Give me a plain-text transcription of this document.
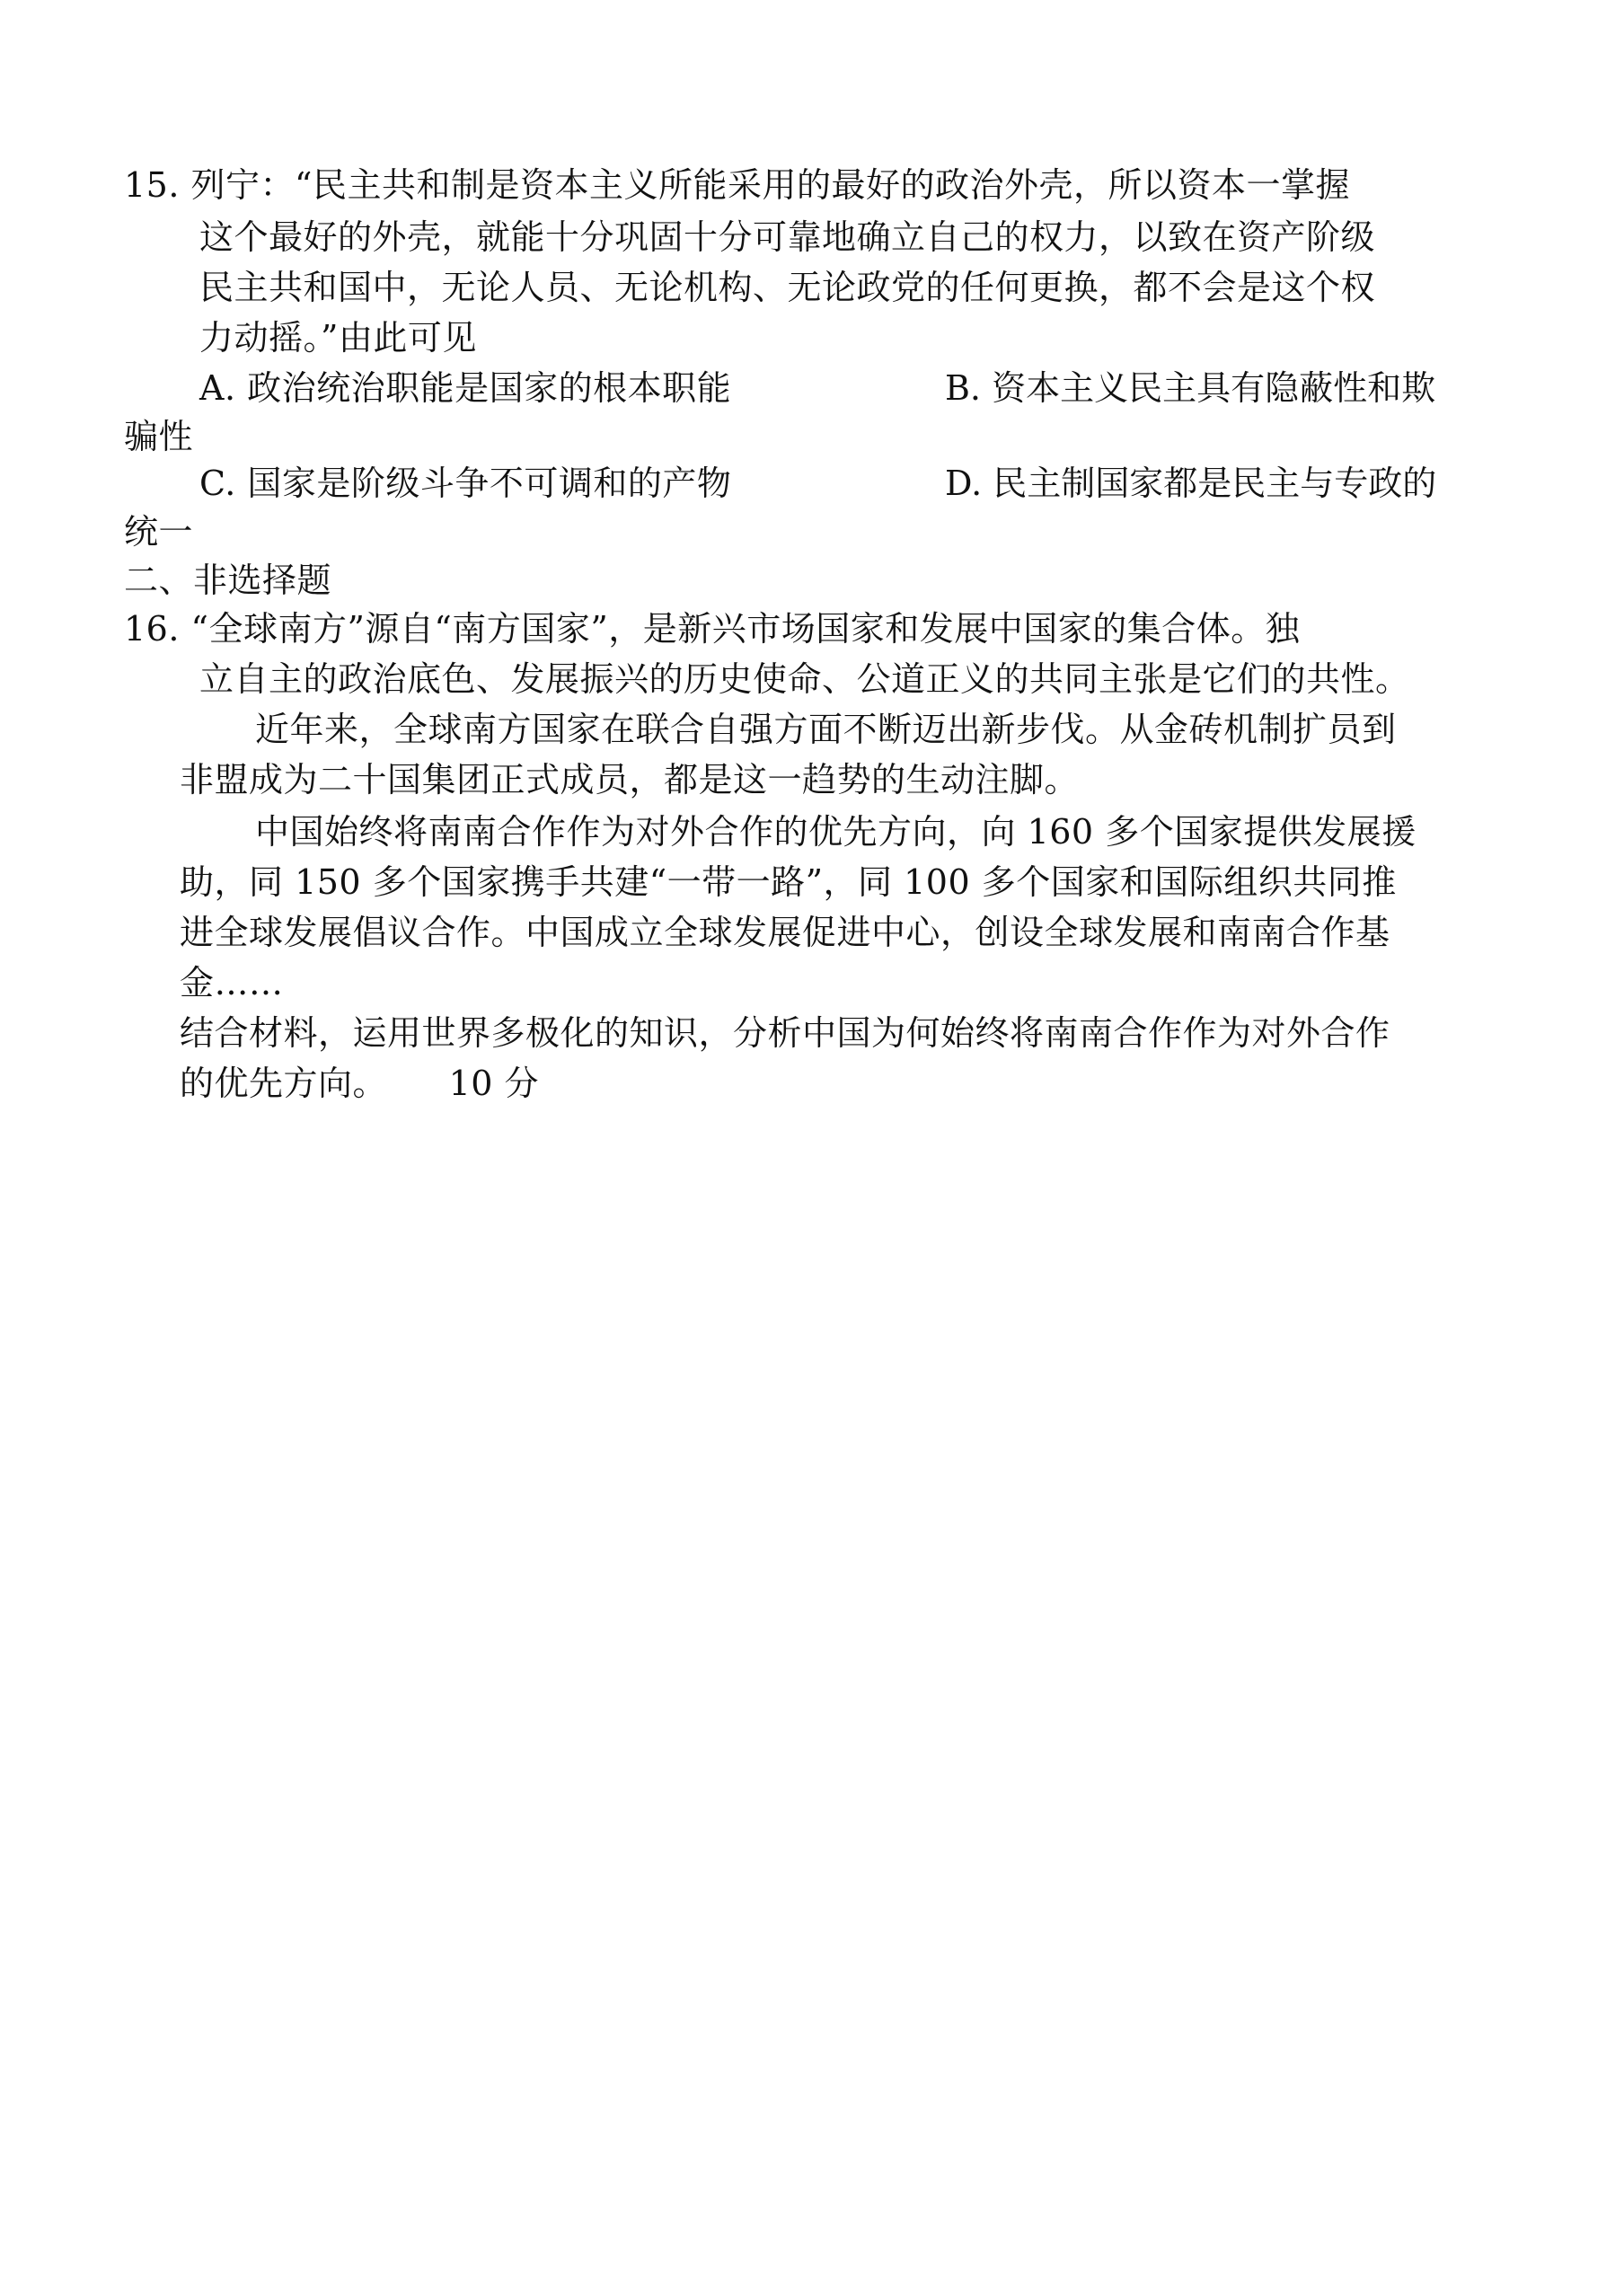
15. 列宁：“民主共和制是资本主义所能采用的最好的政治外壳，所以资本一掌握
这个最好的外壳，就能十分巩固十分可靠地确立自己的权力，以致在资产阶级
民主共和国中，无论人员、无论机构、无论政党的任何更换，都不会是这个权
力动摇。”由此可见
A. 政治统治职能是国家的根本职能	B. 资本主义民主具有隐蔽性和欺
骗性
C. 国家是阶级斗争不可调和的产物	D. 民主制国家都是民主与专政的
统一
二、非选择题
16. “全球南方”源自“南方国家”，是新兴市场国家和发展中国家的集合体。独
立自主的政治底色、发展振兴的历史使命、公道正义的共同主张是它们的共性。
近年来，全球南方国家在联合自强方面不断迈出新步伐。从金砖机制扩员到
非盟成为二十国集团正式成员，都是这一趋势的生动注脚。
中国始终将南南合作作为对外合作的优先方向，向 160 多个国家提供发展援
助，同 150 多个国家携手共建“一带一路”，同 100 多个国家和国际组织共同推
进全球发展倡议合作。中国成立全球发展促进中心，创设全球发展和南南合作基
金……
结合材料，运用世界多极化的知识，分析中国为何始终将南南合作作为对外合作
的优先方向。 10 分
